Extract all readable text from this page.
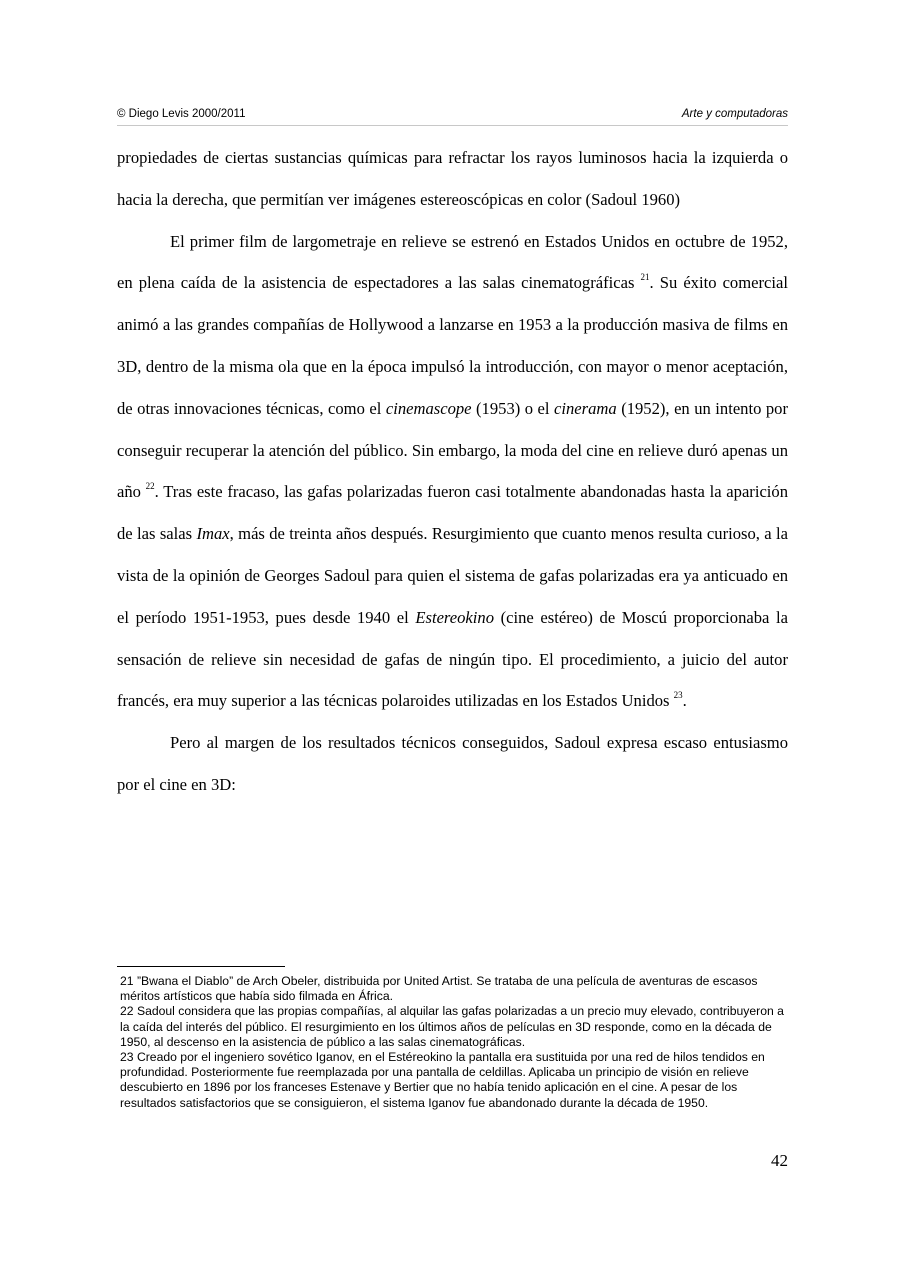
© Diego Levis 2000/2011	Arte y computadoras

propiedades de ciertas sustancias químicas para refractar los rayos luminosos hacia la izquierda o hacia la derecha, que permitían ver imágenes estereoscópicas en color (Sadoul 1960)

El primer film de largometraje en relieve se estrenó en Estados Unidos en octubre de 1952, en plena caída de la asistencia de espectadores a las salas cinematográficas $^{21}$. Su éxito comercial animó a las grandes compañías de Hollywood a lanzarse en 1953 a la producción masiva de films en 3D, dentro de la misma ola que en la época impulsó la introducción, con mayor o menor aceptación, de otras innovaciones técnicas, como el cinemascope (1953) o el cinerama (1952), en un intento por conseguir recuperar la atención del público. Sin embargo, la moda del cine en relieve duró apenas un año $^{22}$. Tras este fracaso, las gafas polarizadas fueron casi totalmente abandonadas hasta la aparición de las salas Imax, más de treinta años después. Resurgimiento que cuanto menos resulta curioso, a la vista de la opinión de Georges Sadoul para quien el sistema de gafas polarizadas era ya anticuado en el período 1951-1953, pues desde 1940 el Estereokino (cine estéreo) de Moscú proporcionaba la sensación de relieve sin necesidad de gafas de ningún tipo. El procedimiento, a juicio del autor francés, era muy superior a las técnicas polaroides utilizadas en los Estados Unidos $^{23}$.

Pero al margen de los resultados técnicos conseguidos, Sadoul expresa escaso entusiasmo por el cine en 3D:

21 ”Bwana el Diablo” de Arch Obeler, distribuida por United Artist. Se trataba de una película de aventuras de escasos méritos artísticos que había sido filmada en África.

22 Sadoul considera que las propias compañías, al alquilar las gafas polarizadas a un precio muy elevado, contribuyeron a la caída del interés del público. El resurgimiento en los últimos años de películas en 3D responde, como en la década de 1950, al descenso en la asistencia de público a las salas cinematográficas.

23 Creado por el ingeniero sovético Iganov, en el Estéreokino la pantalla era sustituida por una red de hilos tendidos en profundidad. Posteriormente fue reemplazada por una pantalla de celdillas. Aplicaba un principio de visión en relieve descubierto en 1896 por los franceses Estenave y Bertier que no había tenido aplicación en el cine. A pesar de los resultados satisfactorios que se consiguieron, el sistema Iganov fue abandonado durante la década de 1950.

42
